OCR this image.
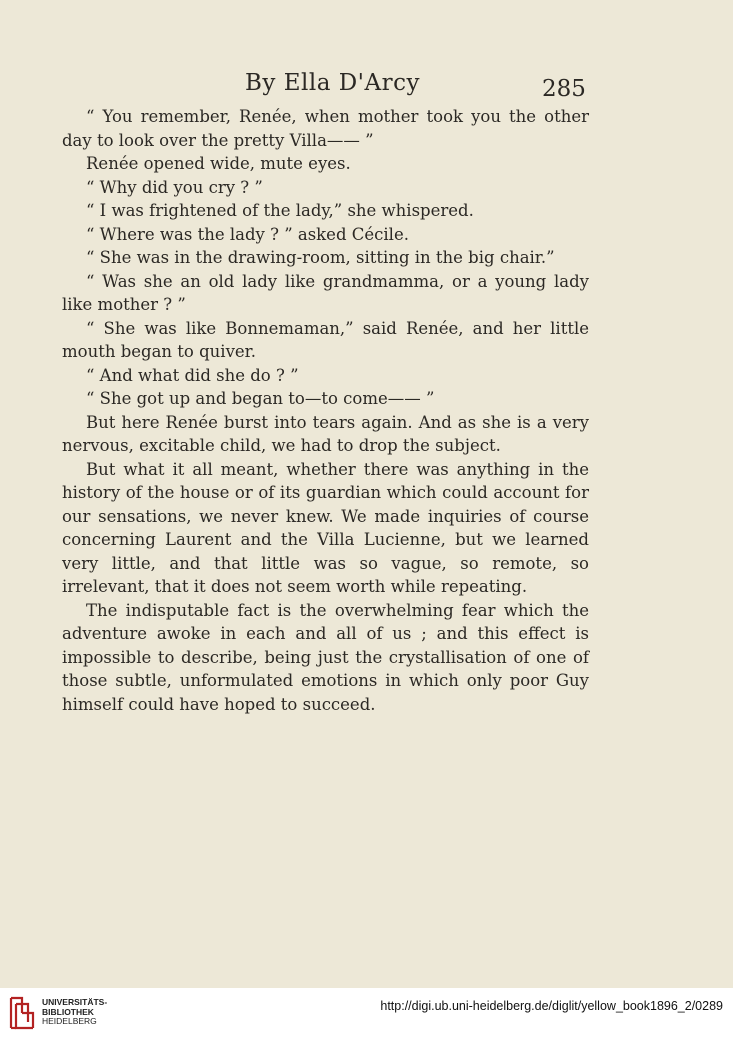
By Ella D'Arcy	285

“ You remember, Renée, when mother took you the other day to look over the pretty Villa—— ”

Renée opened wide, mute eyes.

“ Why did you cry ? ”

“ I was frightened of the lady,” she whispered.

“ Where was the lady ? ” asked Cécile.

“ She was in the drawing-room, sitting in the big chair.”

“ Was she an old lady like grandmamma, or a young lady like mother ? ”

“ She was like Bonnemaman,” said Renée, and her little mouth began to quiver.

“ And what did she do ? ”

“ She got up and began to—to come—— ”

But here Renée burst into tears again. And as she is a very nervous, excitable child, we had to drop the subject.

But what it all meant, whether there was anything in the history of the house or of its guardian which could account for our sensations, we never knew. We made inquiries of course concerning Laurent and the Villa Lucienne, but we learned very little, and that little was so vague, so remote, so irrelevant, that it does not seem worth while repeating.

The indisputable fact is the overwhelming fear which the adventure awoke in each and all of us ; and this effect is impossible to describe, being just the crystallisation of one of those subtle, unformulated emotions in which only poor Guy himself could have hoped to succeed.

UNIVERSITÄTS-
BIBLIOTHEK
HEIDELBERG
http://digi.ub.uni-heidelberg.de/diglit/yellow_book1896_2/0289
